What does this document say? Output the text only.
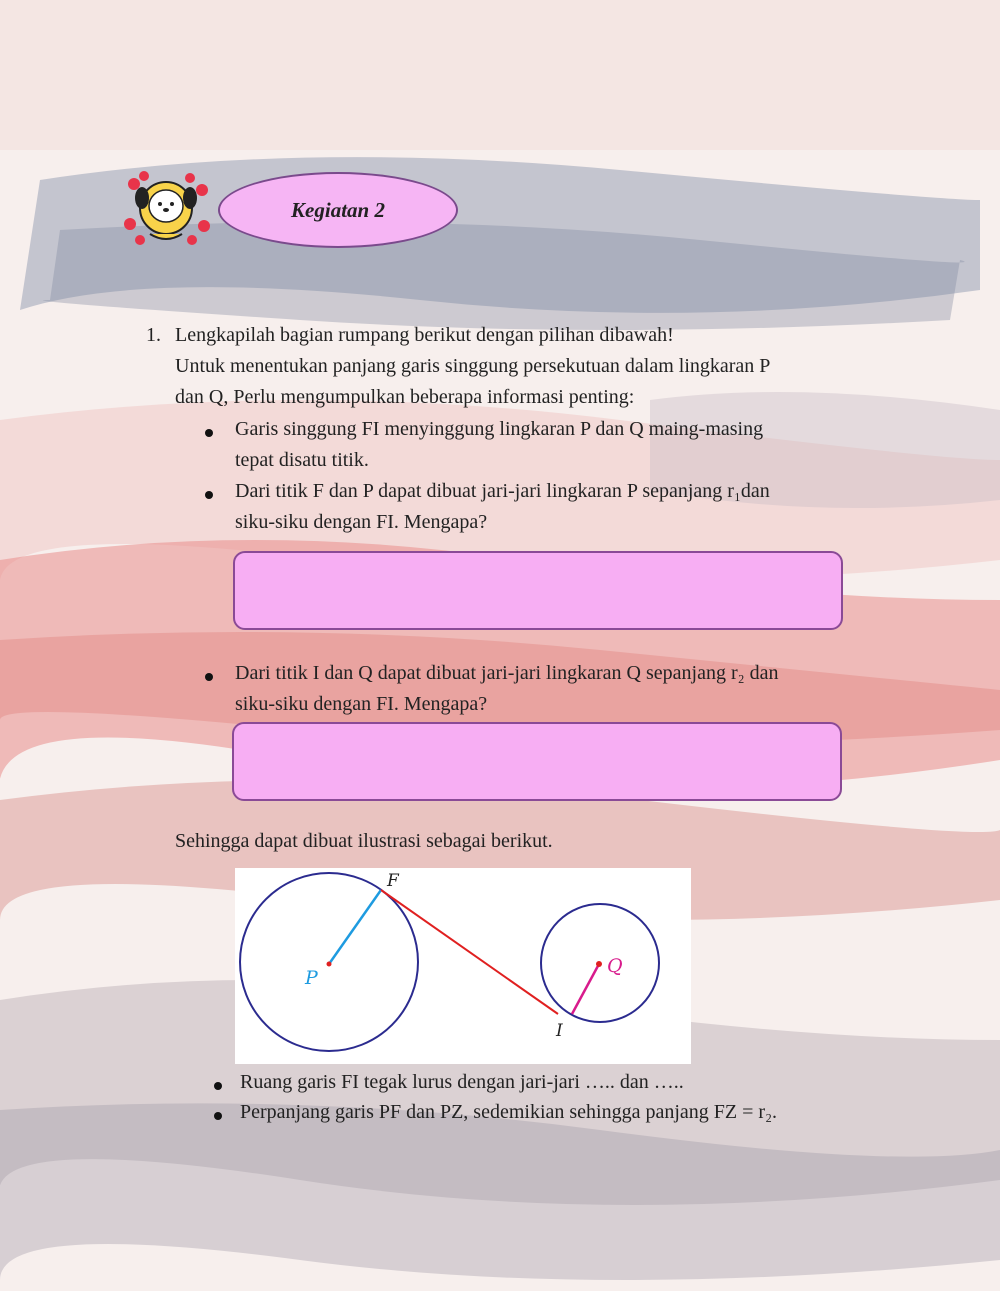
Kegiatan 2
1. Lengkapilah bagian rumpang berikut dengan pilihan dibawah!
Untuk menentukan panjang garis singgung persekutuan dalam lingkaran P
dan Q, Perlu mengumpulkan beberapa informasi penting:
Garis singgung FI menyinggung lingkaran P dan Q maing-masing
tepat disatu titik.
Dari titik F dan P dapat dibuat jari-jari lingkaran P sepanjang r₁dan
siku-siku dengan FI. Mengapa?
Dari titik I dan Q dapat dibuat jari-jari lingkaran Q sepanjang r₂ dan
siku-siku dengan FI. Mengapa?
Sehingga dapat dibuat ilustrasi sebagai berikut.
F
P
Q
I
Ruang garis FI tegak lurus dengan jari-jari ….. dan …..
Perpanjang garis PF dan PZ, sedemikian sehingga panjang FZ = r₂.
